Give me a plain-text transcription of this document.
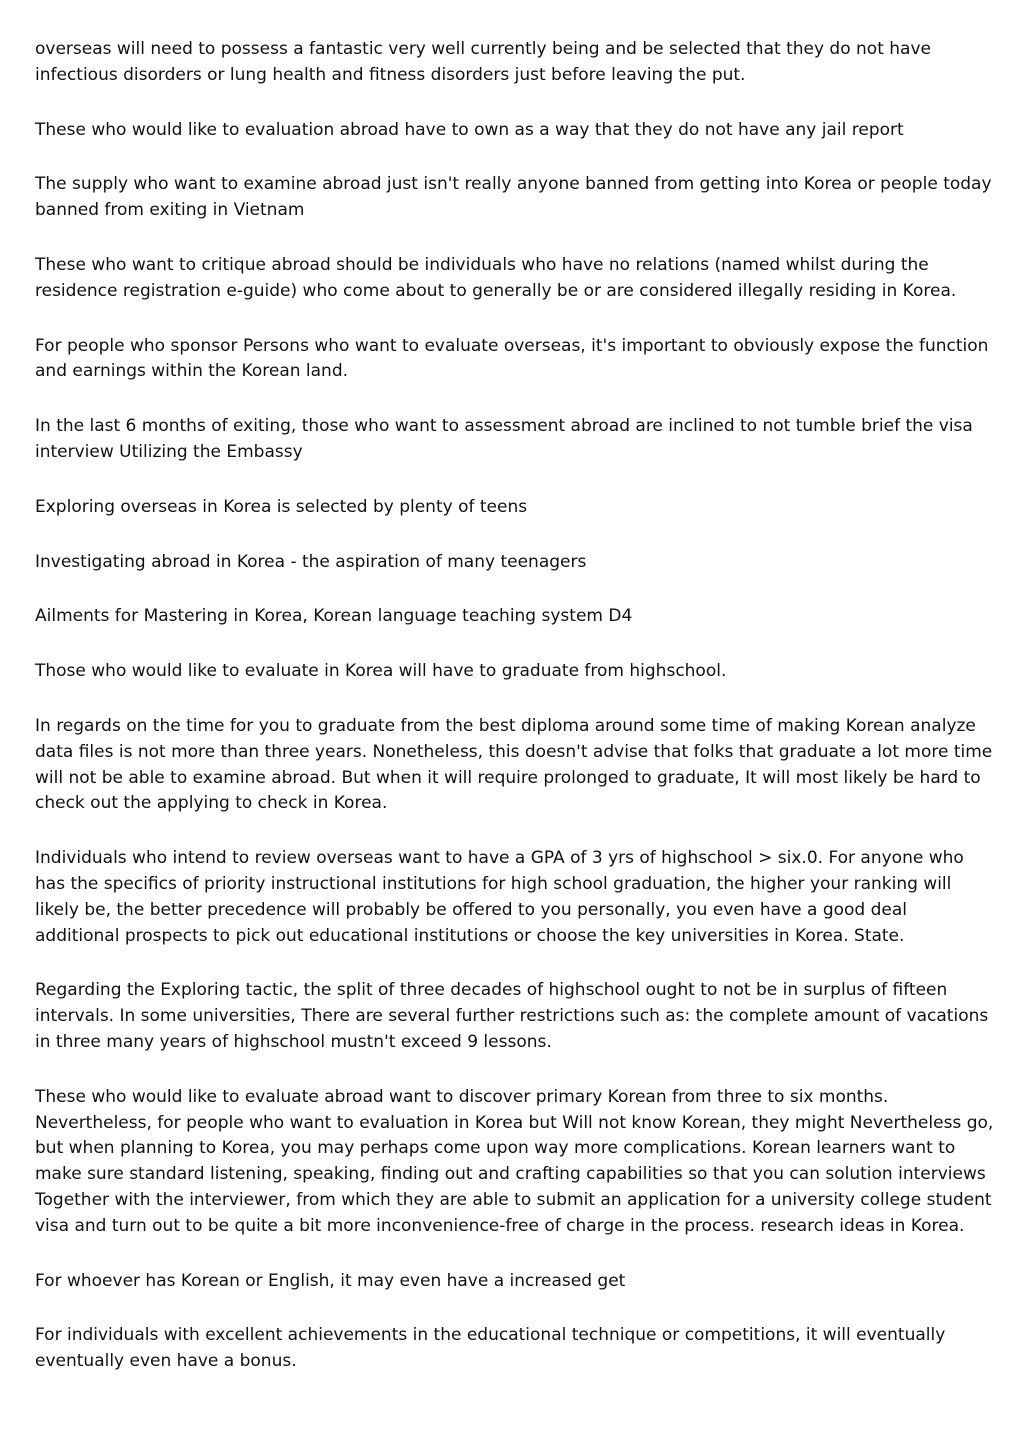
overseas will need to possess a fantastic very well currently being and be selected that they do not have infectious disorders or lung health and fitness disorders just before leaving the put.

These who would like to evaluation abroad have to own as a way that they do not have any jail report

The supply who want to examine abroad just isn't really anyone banned from getting into Korea or people today banned from exiting in Vietnam

These who want to critique abroad should be individuals who have no relations (named whilst during the residence registration e-guide) who come about to generally be or are considered illegally residing in Korea.

For people who sponsor Persons who want to evaluate overseas, it's important to obviously expose the function and earnings within the Korean land.

In the last 6 months of exiting, those who want to assessment abroad are inclined to not tumble brief the visa interview Utilizing the Embassy

Exploring overseas in Korea is selected by plenty of teens

Investigating abroad in Korea - the aspiration of many teenagers

Ailments for Mastering in Korea, Korean language teaching system D4

Those who would like to evaluate in Korea will have to graduate from highschool.

In regards on the time for you to graduate from the best diploma around some time of making Korean analyze data files is not more than three years. Nonetheless, this doesn't advise that folks that graduate a lot more time will not be able to examine abroad. But when it will require prolonged to graduate, It will most likely be hard to check out the applying to check in Korea.

Individuals who intend to review overseas want to have a GPA of 3 yrs of highschool > six.0. For anyone who has the specifics of priority instructional institutions for high school graduation, the higher your ranking will likely be, the better precedence will probably be offered to you personally, you even have a good deal additional prospects to pick out educational institutions or choose the key universities in Korea. State.

Regarding the Exploring tactic, the split of three decades of highschool ought to not be in surplus of fifteen intervals. In some universities, There are several further restrictions such as: the complete amount of vacations in three many years of highschool mustn't exceed 9 lessons.

These who would like to evaluate abroad want to discover primary Korean from three to six months. Nevertheless, for people who want to evaluation in Korea but Will not know Korean, they might Nevertheless go, but when planning to Korea, you may perhaps come upon way more complications. Korean learners want to make sure standard listening, speaking, finding out and crafting capabilities so that you can solution interviews Together with the interviewer, from which they are able to submit an application for a university college student visa and turn out to be quite a bit more inconvenience-free of charge in the process. research ideas in Korea.

For whoever has Korean or English, it may even have a increased get

For individuals with excellent achievements in the educational technique or competitions, it will eventually eventually even have a bonus.
